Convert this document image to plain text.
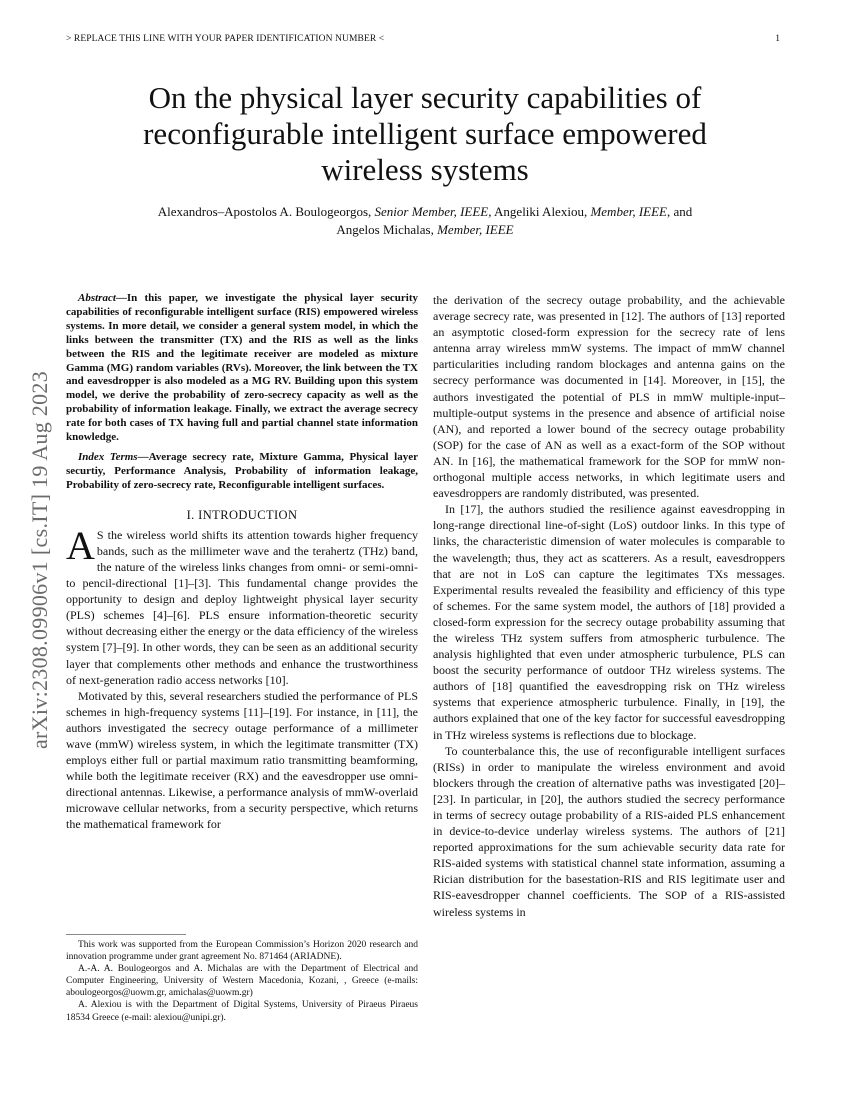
> REPLACE THIS LINE WITH YOUR PAPER IDENTIFICATION NUMBER <	1
arXiv:2308.09906v1 [cs.IT] 19 Aug 2023
On the physical layer security capabilities of
reconfigurable intelligent surface empowered
wireless systems
Alexandros–Apostolos A. Boulogeorgos, Senior Member, IEEE, Angeliki Alexiou, Member, IEEE, and
Angelos Michalas, Member, IEEE

Abstract—In this paper, we investigate the physical layer security capabilities of reconfigurable intelligent surface (RIS) empowered wireless systems. In more detail, we consider a general system model, in which the links between the transmitter (TX) and the RIS as well as the links between the RIS and the legitimate receiver are modeled as mixture Gamma (MG) random variables (RVs). Moreover, the link between the TX and eavesdropper is also modeled as a MG RV. Building upon this system model, we derive the probability of zero-secrecy capacity as well as the probability of information leakage. Finally, we extract the average secrecy rate for both cases of TX having full and partial channel state information knowledge.

Index Terms—Average secrecy rate, Mixture Gamma, Physical layer securtiy, Performance Analysis, Probability of information leakage, Probability of zero-secrecy rate, Reconfigurable intelligent surfaces.

I. INTRODUCTION

A S the wireless world shifts its attention towards higher frequency bands, such as the millimeter wave and the terahertz (THz) band, the nature of the wireless links changes from omni- or semi-omni- to pencil-directional [1]–[3]. This fundamental change provides the opportunity to design and deploy lightweight physical layer security (PLS) schemes [4]–[6]. PLS ensure information-theoretic security without decreasing either the energy or the data efficiency of the wireless system [7]–[9]. In other words, they can be seen as an additional security layer that complements other methods and enhance the trustworthiness of next-generation radio access networks [10].

Motivated by this, several researchers studied the performance of PLS schemes in high-frequency systems [11]–[19]. For instance, in [11], the authors investigated the secrecy outage performance of a millimeter wave (mmW) wireless system, in which the legitimate transmitter (TX) employs either full or partial maximum ratio transmitting beamforming, while both the legitimate receiver (RX) and the eavesdropper use omni-directional antennas. Likewise, a performance analysis of mmW-overlaid microwave cellular networks, from a security perspective, which returns the mathematical framework for

This work was supported from the European Commission’s Horizon 2020 research and innovation programme under grant agreement No. 871464 (ARIADNE).

A.-A. A. Boulogeorgos and A. Michalas are with the Department of Electrical and Computer Engineering, University of Western Macedonia, Kozani, , Greece (e-mails: aboulogeorgos@uowm.gr, amichalas@uowm.gr)

A. Alexiou is with the Department of Digital Systems, University of Piraeus Piraeus 18534 Greece (e-mail: alexiou@unipi.gr).

the derivation of the secrecy outage probability, and the achievable average secrecy rate, was presented in [12]. The authors of [13] reported an asymptotic closed-form expression for the secrecy rate of lens antenna array wireless mmW systems. The impact of mmW channel particularities including random blockages and antenna gains on the secrecy performance was documented in [14]. Moreover, in [15], the authors investigated the potential of PLS in mmW multiple-input–multiple-output systems in the presence and absence of artificial noise (AN), and reported a lower bound of the secrecy outage probability (SOP) for the case of AN as well as a exact-form of the SOP without AN. In [16], the mathematical framework for the SOP for mmW non-orthogonal multiple access networks, in which legitimate users and eavesdroppers are randomly distributed, was presented.

In [17], the authors studied the resilience against eavesdropping in long-range directional line-of-sight (LoS) outdoor links. In this type of links, the characteristic dimension of water molecules is comparable to the wavelength; thus, they act as scatterers. As a result, eavesdroppers that are not in LoS can capture the legitimates TXs messages. Experimental results revealed the feasibility and efficiency of this type of schemes. For the same system model, the authors of [18] provided a closed-form expression for the secrecy outage probability assuming that the wireless THz system suffers from atmospheric turbulence. The analysis highlighted that even under atmospheric turbulence, PLS can boost the security performance of outdoor THz wireless systems. The authors of [18] quantified the eavesdropping risk on THz wireless systems that experience atmospheric turbulence. Finally, in [19], the authors explained that one of the key factor for successful eavesdropping in THz wireless systems is reflections due to blockage.

To counterbalance this, the use of reconfigurable intelligent surfaces (RISs) in order to manipulate the wireless environment and avoid blockers through the creation of alternative paths was investigated [20]–[23]. In particular, in [20], the authors studied the secrecy performance in terms of secrecy outage probability of a RIS-aided PLS enhancement in device-to-device underlay wireless systems. The authors of [21] reported approximations for the sum achievable security data rate for RIS-aided systems with statistical channel state information, assuming a Rician distribution for the basestation-RIS and RIS legitimate user and RIS-eavesdropper channel coefficients. The SOP of a RIS-assisted wireless systems in
